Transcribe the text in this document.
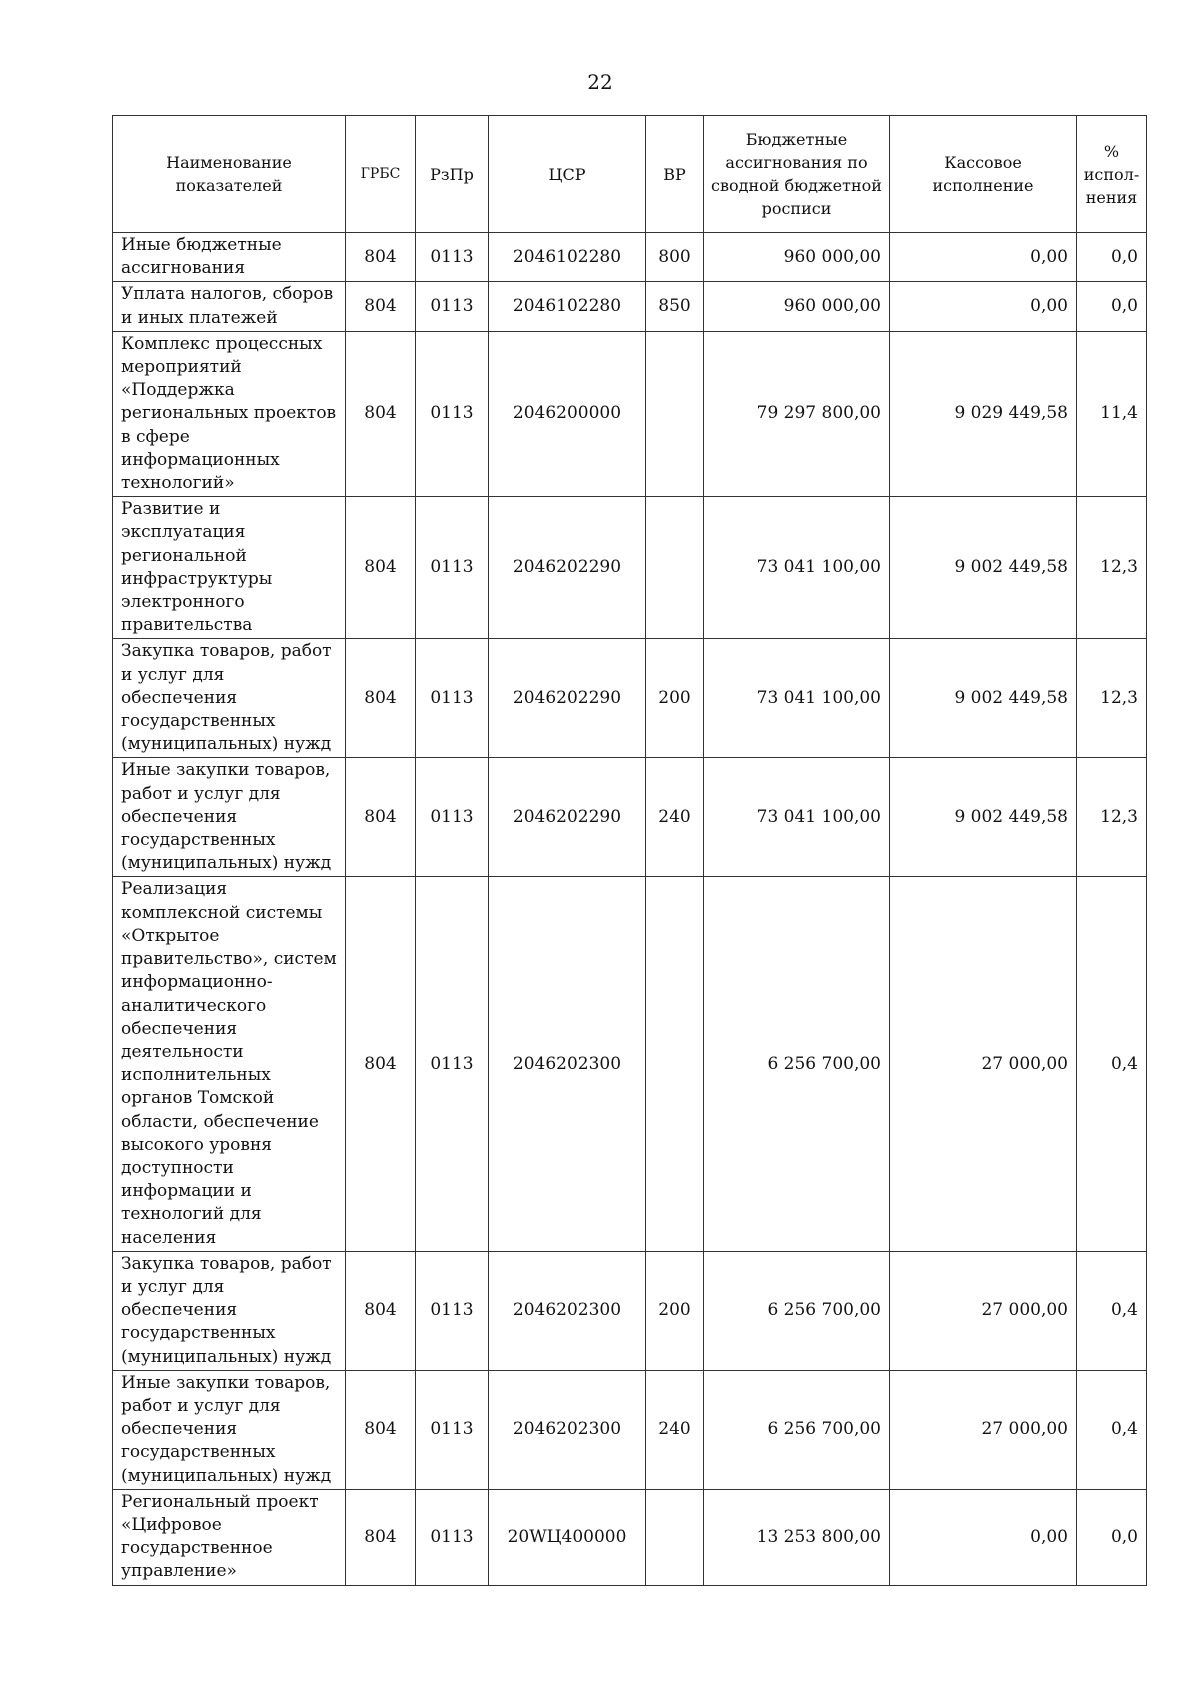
22
Наименование показателей	ГРБС	РзПр	ЦСР	ВР	Бюджетные ассигнования по сводной бюджетной росписи	Кассовое исполнение	% испол-нения
Иные бюджетные ассигнования	804	0113	2046102280	800	960 000,00	0,00	0,0
Уплата налогов, сборов и иных платежей	804	0113	2046102280	850	960 000,00	0,00	0,0
Комплекс процессных мероприятий «Поддержка региональных проектов в сфере информационных технологий»	804	0113	2046200000		79 297 800,00	9 029 449,58	11,4
Развитие и эксплуатация региональной инфраструктуры электронного правительства	804	0113	2046202290		73 041 100,00	9 002 449,58	12,3
Закупка товаров, работ и услуг для обеспечения государственных (муниципальных) нужд	804	0113	2046202290	200	73 041 100,00	9 002 449,58	12,3
Иные закупки товаров, работ и услуг для обеспечения государственных (муниципальных) нужд	804	0113	2046202290	240	73 041 100,00	9 002 449,58	12,3
Реализация комплексной системы «Открытое правительство», систем информационно-аналитического обеспечения деятельности исполнительных органов Томской области, обеспечение высокого уровня доступности информации и технологий для населения	804	0113	2046202300		6 256 700,00	27 000,00	0,4
Закупка товаров, работ и услуг для обеспечения государственных (муниципальных) нужд	804	0113	2046202300	200	6 256 700,00	27 000,00	0,4
Иные закупки товаров, работ и услуг для обеспечения государственных (муниципальных) нужд	804	0113	2046202300	240	6 256 700,00	27 000,00	0,4
Региональный проект «Цифровое государственное управление»	804	0113	20WЦ400000		13 253 800,00	0,00	0,0
